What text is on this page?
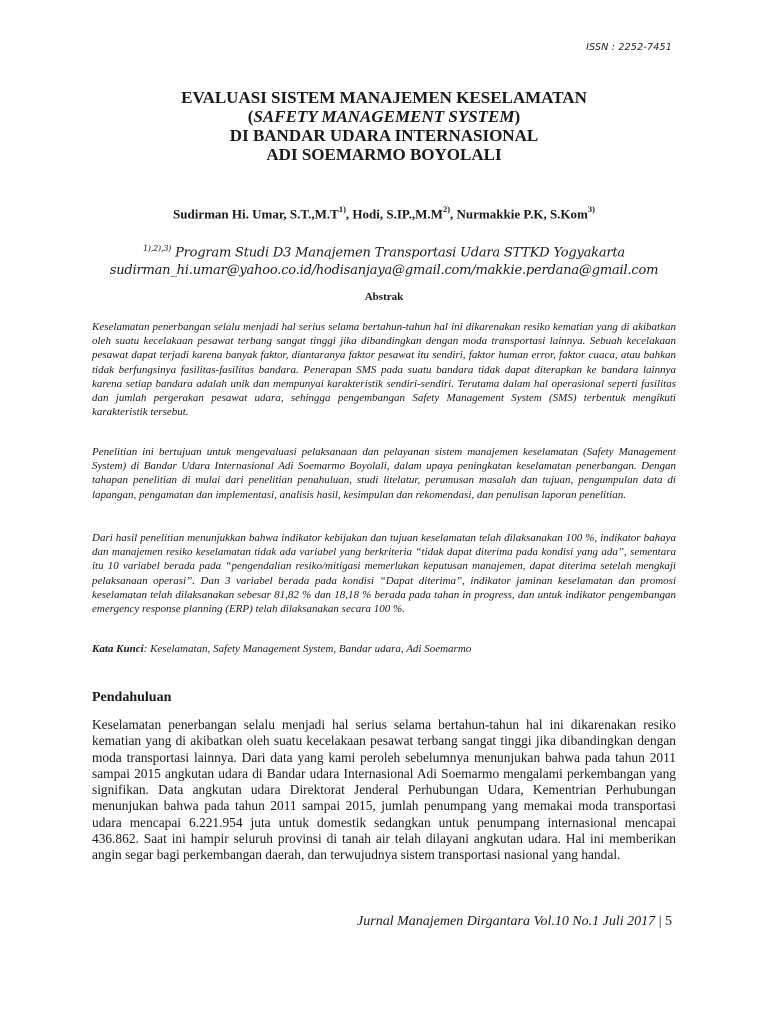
ISSN : 2252-7451
EVALUASI SISTEM MANAJEMEN KESELAMATAN
(SAFETY MANAGEMENT SYSTEM)
DI BANDAR UDARA INTERNASIONAL
ADI SOEMARMO BOYOLALI
Sudirman Hi. Umar, $S.T.,M.T^{1)}$, Hodi, $S.IP.,M.M^{2)}$, Nurmakkie P.K, S.Kom$^{3)}$
$^{1),2),3)}$ Program Studi D3 Manajemen Transportasi Udara STTKD Yogyakarta
sudirman_hi.umar@yahoo.co.id/hodisanjaya@gmail.com/makkie.perdana@gmail.com
Abstrak

Keselamatan penerbangan selalu menjadi hal serius selama bertahun-tahun hal ini dikarenakan resiko kematian yang di akibatkan oleh suatu kecelakaan pesawat terbang sangat tinggi jika dibandingkan dengan moda transportasi lainnya. Sebuah kecelakaan pesawat dapat terjadi karena banyak faktor, diantaranya faktor pesawat itu sendiri, faktor human error, faktor cuaca, atau bahkan tidak berfungsinya fasilitas-fasilitas bandara. Penerapan SMS pada suatu bandara tidak dapat diterapkan ke bandara lainnya karena setiap bandara adalah unik dan mempunyai karakteristik sendiri-sendiri. Terutama dalam hal operasional seperti fasilitas dan jumlah pergerakan pesawat udara, sehingga pengembangan Safety Management System (SMS) terbentuk mengikuti karakteristik tersebut.

Penelitian ini bertujuan untuk mengevaluasi pelaksanaan dan pelayanan sistem manajemen keselamatan (Safety Management System) di Bandar Udara Internasional Adi Soemarmo Boyolali, dalam upaya peningkatan keselamatan penerbangan. Dengan tahapan penelitian di mulai dari penelitian penahuluan, studi litelatur, perumusan masalah dan tujuan, pengumpulan data di lapangan, pengamatan dan implementasi, analisis hasil, kesimpulan dan rekomendasi, dan penulisan laporan penelitian.

Dari hasil penelitian menunjukkan bahwa indikator kebijakan dan tujuan keselamatan telah dilaksanakan 100 %, indikator bahaya dan manajemen resiko keselamatan tidak ada variabel yang berkriteria “tidak dapat diterima pada kondisi yang ada”, sementara itu 10 variabel berada pada “pengendalian resiko/mitigasi memerlukan keputusan manajemen, dapat diterima setelah mengkaji pelaksanaan operasi”. Dan 3 variabel berada pada kondisi “Dapat diterima”, indikator jaminan keselamatan dan promosi keselamatan telah dilaksanakan sebesar 81,82 % dan 18,18 % berada pada tahan in progress, dan untuk indikator pengembangan emergency response planning (ERP) telah dilaksanakan secara 100 %.

Kata Kunci: Keselamatan, Safety Management System, Bandar udara, Adi Soemarmo
Pendahuluan

Keselamatan penerbangan selalu menjadi hal serius selama bertahun-tahun hal ini dikarenakan resiko kematian yang di akibatkan oleh suatu kecelakaan pesawat terbang sangat tinggi jika dibandingkan dengan moda transportasi lainnya. Dari data yang kami peroleh sebelumnya menunjukan bahwa pada tahun 2011 sampai 2015 angkutan udara di Bandar udara Internasional Adi Soemarmo mengalami perkembangan yang signifikan. Data angkutan udara Direktorat Jenderal Perhubungan Udara, Kementrian Perhubungan menunjukan bahwa pada tahun 2011 sampai 2015, jumlah penumpang yang memakai moda transportasi udara mencapai 6.221.954 juta untuk domestik sedangkan untuk penumpang internasional mencapai 436.862. Saat ini hampir seluruh provinsi di tanah air telah dilayani angkutan udara. Hal ini memberikan angin segar bagi perkembangan daerah, dan terwujudnya sistem transportasi nasional yang handal.

Jurnal Manajemen Dirgantara Vol.10 No.1 Juli 2017 | 5
